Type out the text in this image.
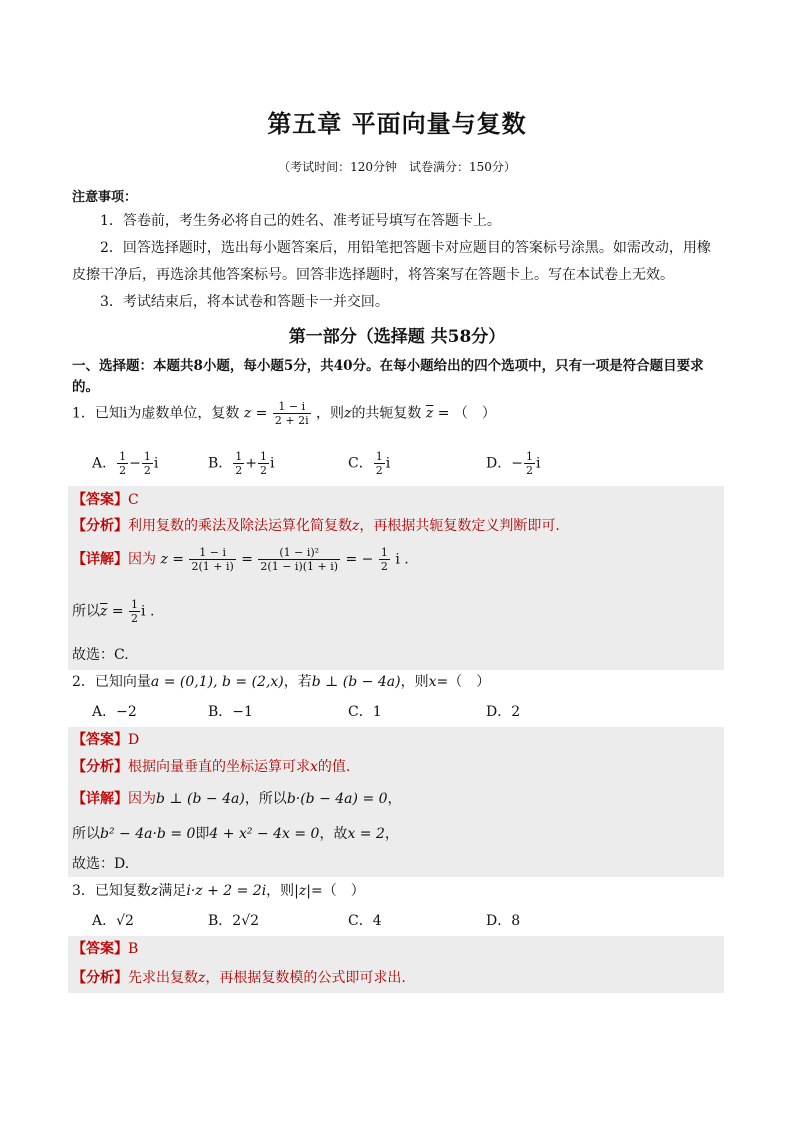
第五章 平面向量与复数
（考试时间：120分钟　试卷满分：150分）
注意事项：

1．答卷前，考生务必将自己的姓名、准考证号填写在答题卡上。

2．回答选择题时，选出每小题答案后，用铅笔把答题卡对应题目的答案标号涂黑。如需改动，用橡皮擦干净后，再选涂其他答案标号。回答非选择题时，将答案写在答题卡上。写在本试卷上无效。

3．考试结束后，将本试卷和答题卡一并交回。

第一部分（选择题 共58分）
一、选择题：本题共8小题，每小题5分，共40分。在每小题给出的四个选项中，只有一项是符合题目要求的。
1．已知i为虚数单位，复数 $z = \frac{1 - i}{2 + 2i}$ ，则z的共轭复数 $\overline{z}$ = （　）
A． $\frac{1}{2} - \frac{1}{2}$ i	B． $\frac{1}{2} + \frac{1}{2}$ i	C． $\frac{1}{2}$ i	D．− $\frac{1}{2}$ i
【答案】C
【分析】利用复数的乘法及除法运算化简复数z，再根据共轭复数定义判断即可.
【详解】因为 $z = \frac{1 - i}{2(1 + i)} = \frac{\text{(1 − i)²}}{2(1 - i)(1 + i)}$ = − $\frac{1}{2}$ i .
所以$\overline{z} = \frac{1}{2}$ i .
故选：C.
2．已知向量a = (0,1), b = (2,x)，若b ⊥ (b − 4a)，则x=（　）
A．−2	B．−1	C．1	D．2
【答案】D
【分析】根据向量垂直的坐标运算可求x的值.
【详解】因为b ⊥ (b − 4a)，所以b·(b − 4a) = 0，
所以b² − 4a·b = 0即4 + x² − 4x = 0，故x = 2，
故选：D.
3．已知复数z满足i·z + 2 = 2i，则|z|=（　）
A．√2	B．2√2	C．4	D．8
【答案】B
【分析】先求出复数z，再根据复数模的公式即可求出.
